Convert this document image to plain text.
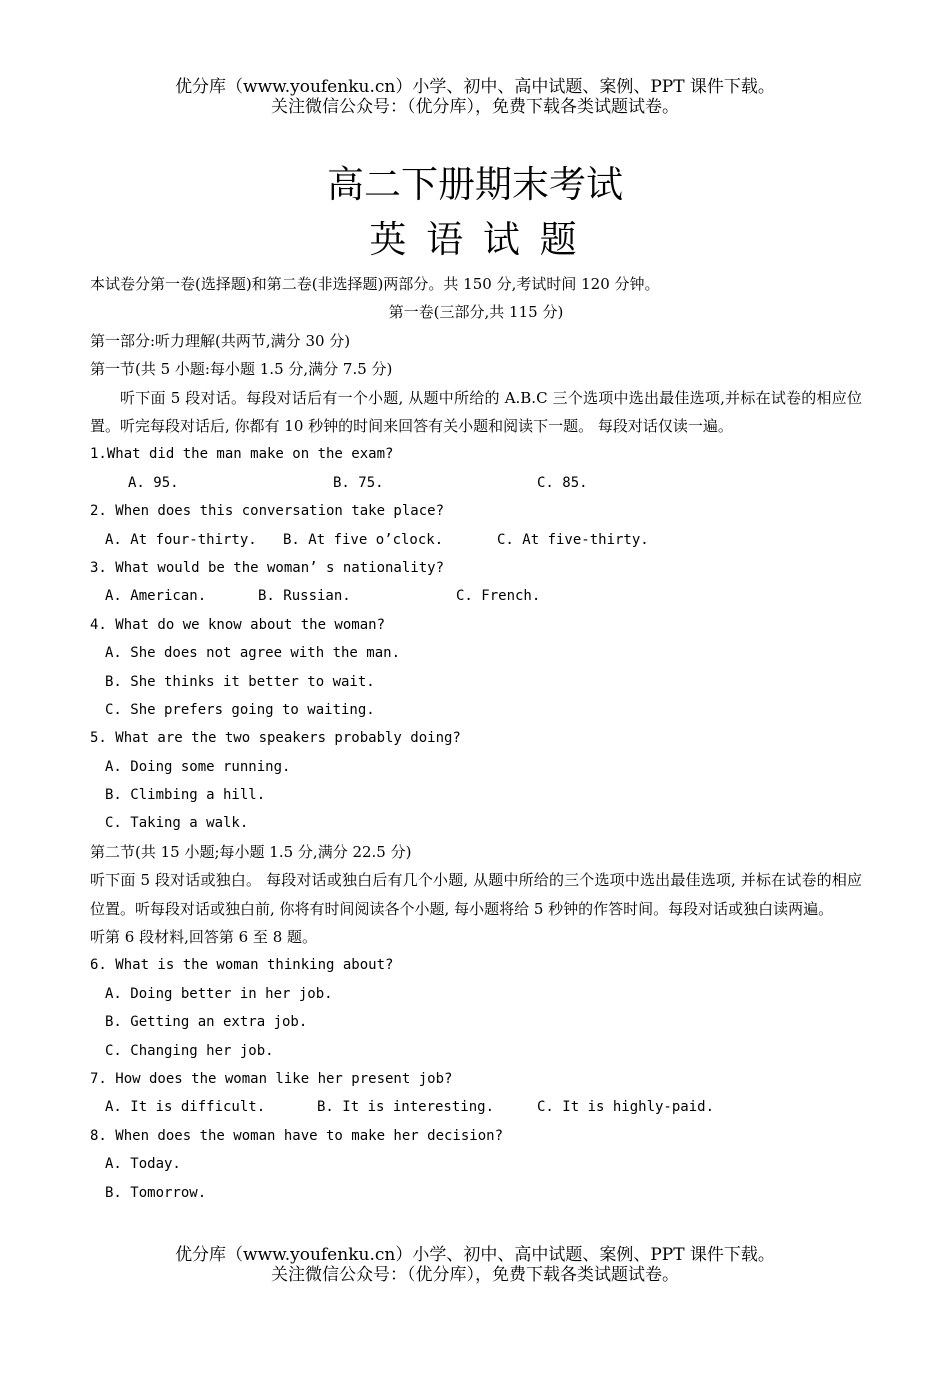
优分库（www.youfenku.cn）小学、初中、高中试题、案例、PPT 课件下载。
关注微信公众号：（优分库），免费下载各类试题试卷。
高二下册期末考试
英 语 试 题
本试卷分第一卷(选择题)和第二卷(非选择题)两部分。共 150 分,考试时间 120 分钟。
第一卷(三部分,共 115 分)
第一部分:听力理解(共两节,满分 30 分)
第一节(共 5 小题:每小题 1.5 分,满分 7.5 分)
听下面 5 段对话。每段对话后有一个小题, 从题中所给的 A.B.C 三个选项中选出最佳选项,并标在试卷的相应位置。听完每段对话后, 你都有 10 秒钟的时间来回答有关小题和阅读下一题。 每段对话仅读一遍。
1.What did the man make on the exam?
A. 95.	B. 75.	C. 85.
2. When does this conversation take place?
A. At four-thirty. B. At five o’clock.	C. At five-thirty.
3. What would be the woman’ s nationality?
A. American.	B. Russian.	C. French.
4. What do we know about the woman?
A. She does not agree with the man.
B. She thinks it better to wait.
C. She prefers going to waiting.
5. What are the two speakers probably doing?
A. Doing some running.
B. Climbing a hill.
C. Taking a walk.
第二节(共 15 小题;每小题 1.5 分,满分 22.5 分)
听下面 5 段对话或独白。 每段对话或独白后有几个小题, 从题中所给的三个选项中选出最佳选项, 并标在试卷的相应位置。听每段对话或独白前, 你将有时间阅读各个小题, 每小题将给 5 秒钟的作答时间。每段对话或独白读两遍。
听第 6 段材料,回答第 6 至 8 题。
6. What is the woman thinking about?
A. Doing better in her job.
B. Getting an extra job.
C. Changing her job.
7. How does the woman like her present job?
A. It is difficult.	B. It is interesting.	C. It is highly-paid.
8. When does the woman have to make her decision?
A. Today.
B. Tomorrow.
优分库（www.youfenku.cn）小学、初中、高中试题、案例、PPT 课件下载。
关注微信公众号：（优分库），免费下载各类试题试卷。
